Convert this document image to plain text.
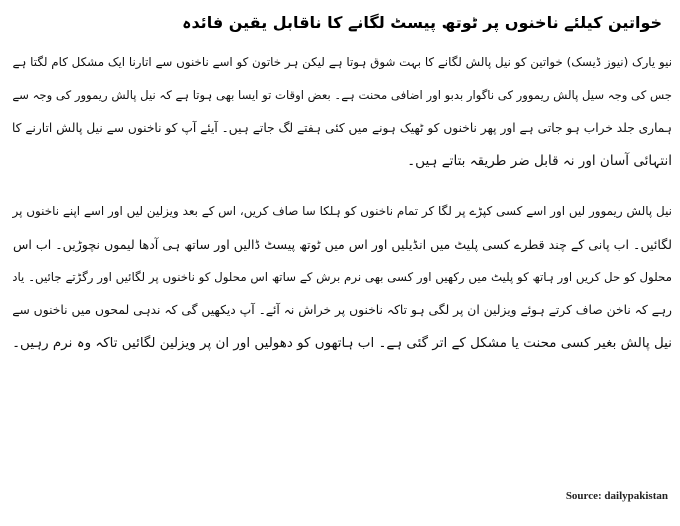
خواتین کیلئے ناخنوں پر ٹوتھ پیسٹ لگانے کا ناقابل یقین فائدہ

نیو یارک (نیوز ڈیسک) خواتین کو نیل پالش لگانے کا بہت شوق ہوتا ہے لیکن ہر خاتون کو اسے ناخنوں سے اتارنا ایک مشکل کام لگتا ہے

جس کی وجہ سیل پالش ریموور کی ناگوار بدبو اور اضافی محنت ہے۔ بعض اوقات تو ایسا بھی ہوتا ہے کہ نیل پالش ریموور کی وجہ سے

ہماری جلد خراب ہو جاتی ہے اور پھر ناخنوں کو ٹھیک ہونے میں کئی ہفتے لگ جاتے ہیں۔ آیئے آپ کو ناخنوں سے نیل پالش اتارنے کا

انتہائی آسان اور نہ قابل ضر طریقہ بتاتے ہیں۔

نیل پالش ریموور لیں اور اسے کسی کپڑے پر لگا کر تمام ناخنوں کو ہلکا سا صاف کریں، اس کے بعد ویزلین لیں اور اسے اپنے ناخنوں پر

لگائیں۔ اب پانی کے چند قطرے کسی پلیٹ میں انڈیلیں اور اس میں ٹوتھ پیسٹ ڈالیں اور ساتھ ہی آدھا لیموں نچوڑیں۔ اب اس

محلول کو حل کریں اور ہاتھ کو پلیٹ میں رکھیں اور کسی بھی نرم برش کے ساتھ اس محلول کو ناخنوں پر لگائیں اور رگڑتے جائیں۔ یاد

رہے کہ ناخن صاف کرتے ہوئے ویزلین ان پر لگی ہو تاکہ ناخنوں پر خراش نہ آئے۔ آپ دیکھیں گی کہ ندہی لمحوں میں ناخنوں سے

نیل پالش بغیر کسی محنت یا مشکل کے اتر گئی ہے۔ اب ہاتھوں کو دھولیں اور ان پر ویزلین لگائیں تاکہ وہ نرم رہیں۔

Source: dailypakistan
